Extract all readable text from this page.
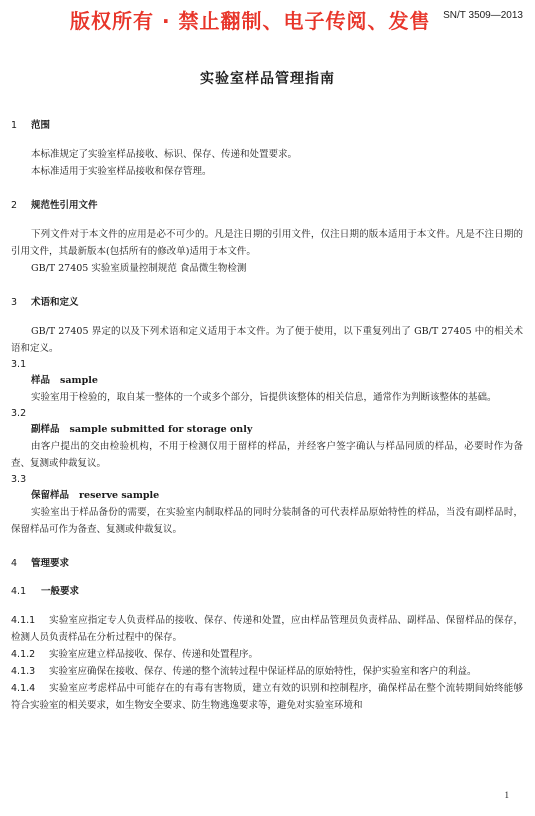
版权所有 · 禁止翻制、电子传阅、发售 SN/T 3509—2013
实验室样品管理指南
1 范围

本标准规定了实验室样品接收、标识、保存、传递和处置要求。

本标准适用于实验室样品接收和保存管理。

2 规范性引用文件

下列文件对于本文件的应用是必不可少的。凡是注日期的引用文件，仅注日期的版本适用于本文件。凡是不注日期的引用文件，其最新版本(包括所有的修改单)适用于本文件。

GB/T 27405 实验室质量控制规范 食品微生物检测

3 术语和定义

GB/T 27405 界定的以及下列术语和定义适用于本文件。为了便于使用，以下重复列出了 GB/T 27405 中的相关术语和定义。

3.1
样品 sample

实验室用于检验的，取自某一整体的一个或多个部分，旨提供该整体的相关信息，通常作为判断该整体的基础。

3.2
副样品 sample submitted for storage only

由客户提出的交由检验机构，不用于检测仅用于留样的样品，并经客户签字确认与样品同质的样品，必要时作为备查、复测或仲裁复议。

3.3
保留样品 reserve sample

实验室出于样品备份的需要，在实验室内制取样品的同时分装制备的可代表样品原始特性的样品，当没有副样品时，保留样品可作为备查、复测或仲裁复议。

4 管理要求
4.1 一般要求

4.1.1 实验室应指定专人负责样品的接收、保存、传递和处置，应由样品管理员负责样品、副样品、保留样品的保存，检测人员负责样品在分析过程中的保存。

4.1.2 实验室应建立样品接收、保存、传递和处置程序。

4.1.3 实验室应确保在接收、保存、传递的整个流转过程中保证样品的原始特性，保护实验室和客户的利益。

4.1.4 实验室应考虑样品中可能存在的有毒有害物质，建立有效的识别和控制程序，确保样品在整个流转期间始终能够符合实验室的相关要求，如生物安全要求、防生物逃逸要求等，避免对实验室环境和

1
